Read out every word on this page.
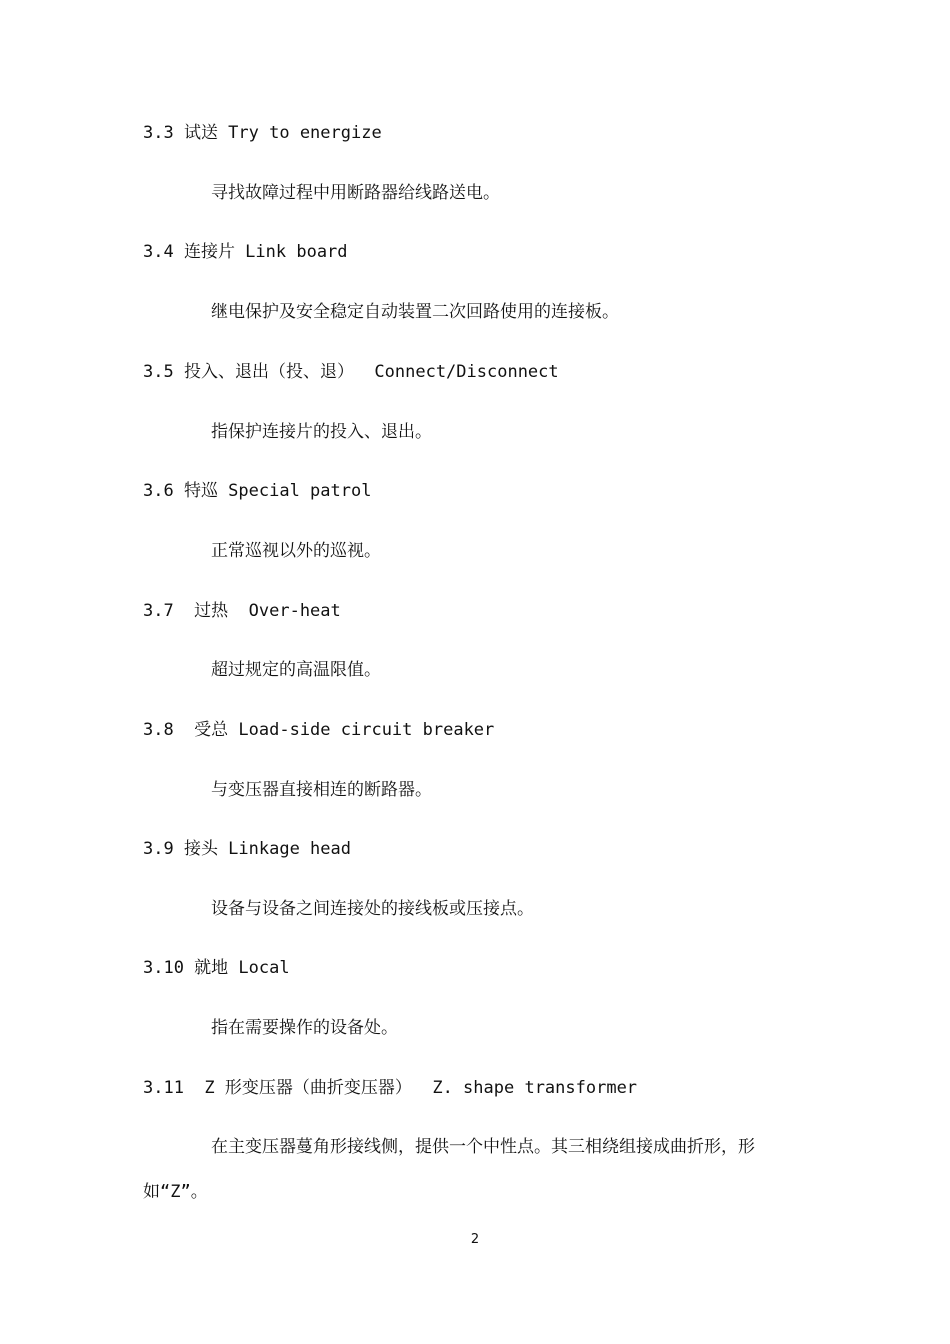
3.3 试送 Try to energize
寻找故障过程中用断路器给线路送电。
3.4 连接片 Link board
继电保护及安全稳定自动装置二次回路使用的连接板。
3.5 投入、退出（投、退）  Connect/Disconnect
指保护连接片的投入、退出。
3.6 特巡 Special patrol
正常巡视以外的巡视。
3.7  过热  Over-heat
超过规定的高温限值。
3.8  受总 Load-side circuit breaker
与变压器直接相连的断路器。
3.9 接头 Linkage head
设备与设备之间连接处的接线板或压接点。
3.10 就地 Local
指在需要操作的设备处。
3.11  Z 形变压器（曲折变压器）  Z. shape transformer
在主变压器蔓角形接线侧，提供一个中性点。其三相绕组接成曲折形，形如“Z”。
2
